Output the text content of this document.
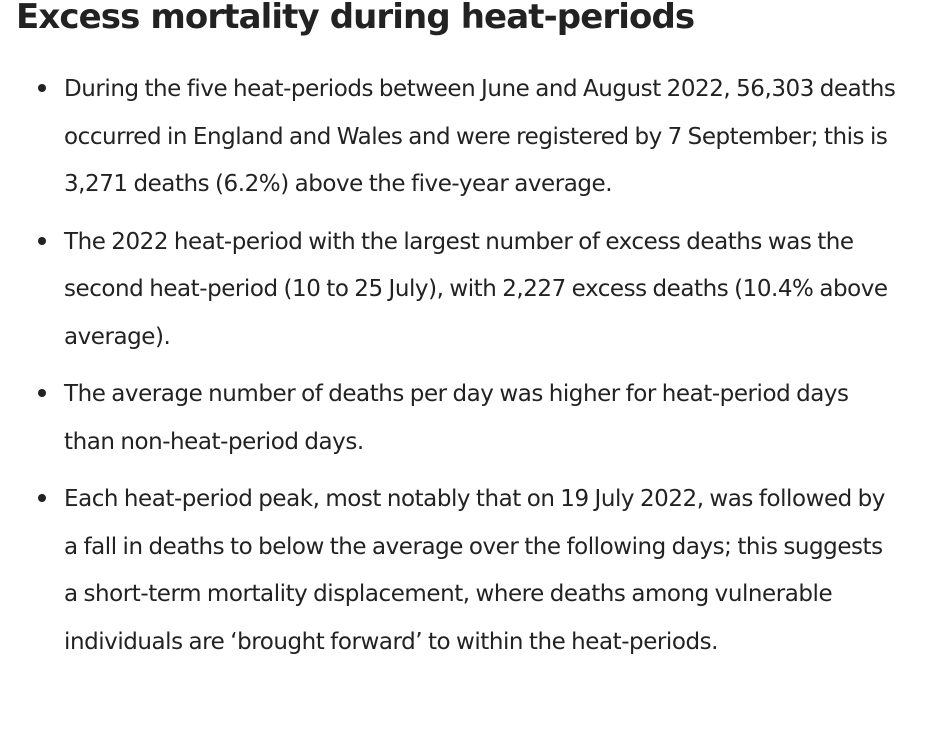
Excess mortality during heat-periods
During the five heat-periods between June and August 2022, 56,303 deaths occurred in England and Wales and were registered by 7 September; this is 3,271 deaths (6.2%) above the five-year average.
The 2022 heat-period with the largest number of excess deaths was the second heat-period (10 to 25 July), with 2,227 excess deaths (10.4% above average).
The average number of deaths per day was higher for heat-period days than non-heat-period days.
Each heat-period peak, most notably that on 19 July 2022, was followed by a fall in deaths to below the average over the following days; this suggests a short-term mortality displacement, where deaths among vulnerable individuals are ‘brought forward’ to within the heat-periods.
